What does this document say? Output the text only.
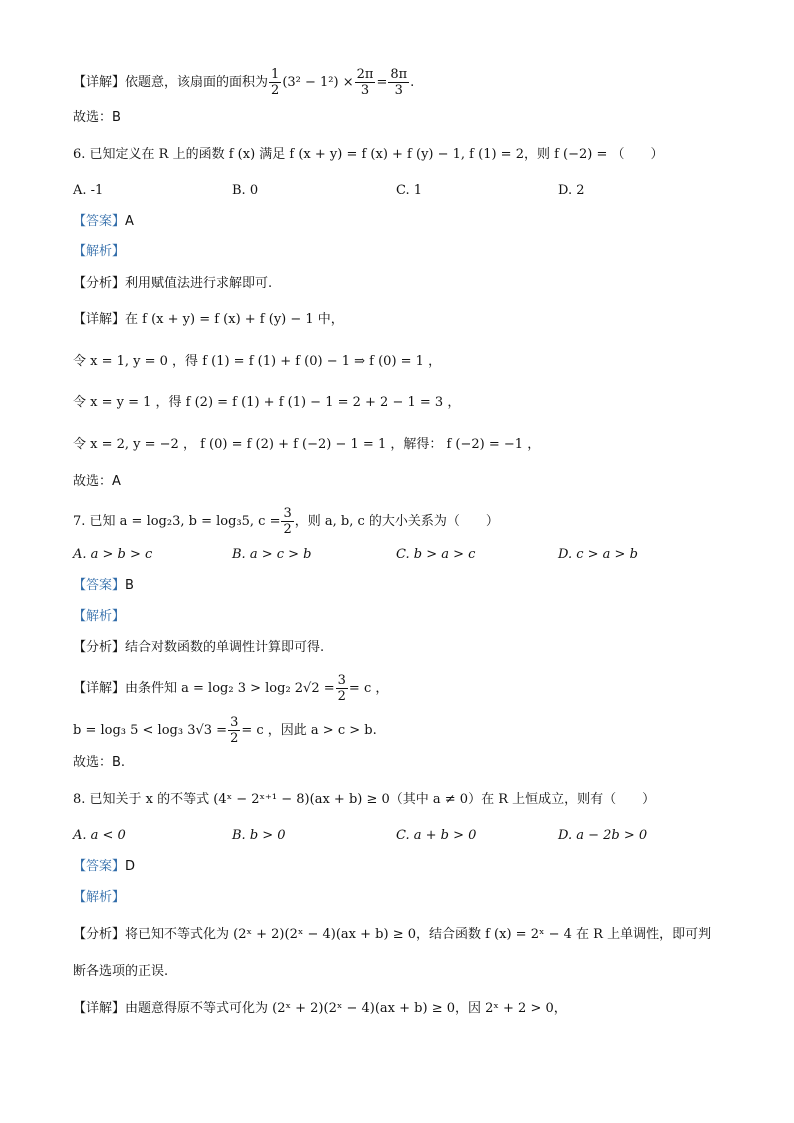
【详解】依题意，该扇面的面积为 $\frac{1}{2} (3^2 - 1^2) \times \frac{2\pi}{3} = \frac{8\pi}{3}$ .
故选：B
6. 已知定义在 R 上的函数 f (x) 满足 f (x + y) = f (x) + f (y) − 1, f (1) = 2，则 f (−2) = （　　）
A. -1	B. 0	C. 1	D. 2
【答案】A
【解析】
【分析】利用赋值法进行求解即可.
【详解】在 f (x + y) = f (x) + f (y) − 1 中，
令 x = 1, y = 0 ，得 f (1) = f (1) + f (0) − 1 ⇒ f (0) = 1 ，
令 x = y = 1 ，得 f (2) = f (1) + f (1) − 1 = 2 + 2 − 1 = 3 ，
令 x = 2, y = −2 ， f (0) = f (2) + f (−2) − 1 = 1 ，解得： f (−2) = −1 ，
故选：A
7. 已知 a = log₂3, b = log₃5, $c = \frac{3}{2}$ ，则 a, b, c 的大小关系为（　　）
A. a > b > c	B. a > c > b	C. b > a > c	D. c > a > b
【答案】B
【解析】
【分析】结合对数函数的单调性计算即可得.
【详解】由条件知 a = log₂ 3 > log₂ $2√2 = \frac{3}{2} = c$ ，
b = log₃ 5 < log₃ $3√3 = \frac{3}{2} = c$ ，因此 a > c > b.
故选：B.
8. 已知关于 x 的不等式 (4ˣ − 2ˣ⁺¹ − 8)(ax + b) ≥ 0（其中 a ≠ 0）在 R 上恒成立，则有（　　）
A. a < 0	B. b > 0	C. a + b > 0	D. a − 2b > 0
【答案】D
【解析】
【分析】将已知不等式化为 (2ˣ + 2)(2ˣ − 4)(ax + b) ≥ 0，结合函数 f (x) = 2ˣ − 4 在 R 上单调性，即可判
断各选项的正误.
【详解】由题意得原不等式可化为 (2ˣ + 2)(2ˣ − 4)(ax + b) ≥ 0，因 2ˣ + 2 > 0，
